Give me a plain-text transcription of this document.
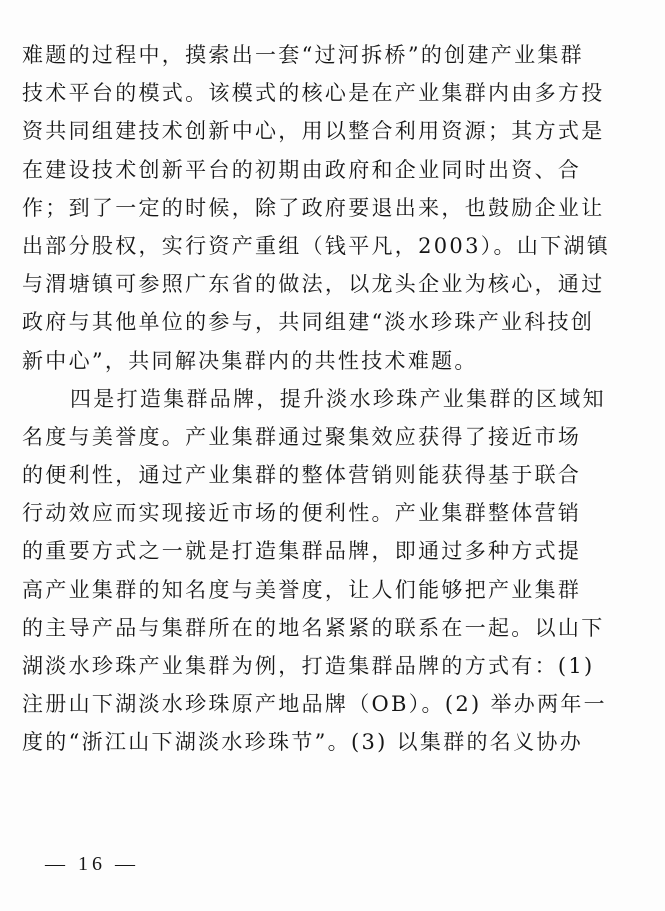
难题的过程中，摸索出一套“过河拆桥”的创建产业集群
技术平台的模式。该模式的核心是在产业集群内由多方投
资共同组建技术创新中心，用以整合利用资源；其方式是
在建设技术创新平台的初期由政府和企业同时出资、合
作；到了一定的时候，除了政府要退出来，也鼓励企业让
出部分股权，实行资产重组（钱平凡，2003）。山下湖镇
与渭塘镇可参照广东省的做法，以龙头企业为核心，通过
政府与其他单位的参与，共同组建“淡水珍珠产业科技创
新中心”，共同解决集群内的共性技术难题。
四是打造集群品牌，提升淡水珍珠产业集群的区域知
名度与美誉度。产业集群通过聚集效应获得了接近市场
的便利性，通过产业集群的整体营销则能获得基于联合
行动效应而实现接近市场的便利性。产业集群整体营销
的重要方式之一就是打造集群品牌，即通过多种方式提
高产业集群的知名度与美誉度，让人们能够把产业集群
的主导产品与集群所在的地名紧紧的联系在一起。以山下
湖淡水珍珠产业集群为例，打造集群品牌的方式有：(1)
注册山下湖淡水珍珠原产地品牌（OB）。(2) 举办两年一
度的“浙江山下湖淡水珍珠节”。(3) 以集群的名义协办
— 16 —
